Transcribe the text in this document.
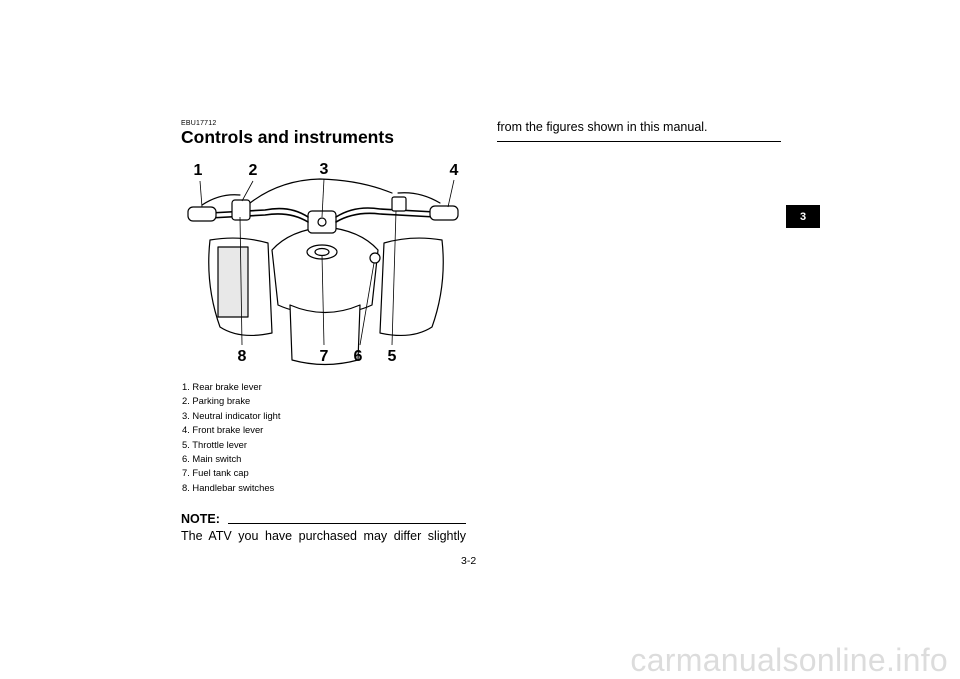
EBU17712
Controls and instruments
1	2	3	4
5
6
7
8
1. Rear brake lever
2. Parking brake
3. Neutral indicator light
4. Front brake lever
5. Throttle lever
6. Main switch
7. Fuel tank cap
8. Handlebar switches
NOTE:
The ATV you have purchased may differ slightly
3-2
from the figures shown in this manual.
3
carmanualsonline.info
